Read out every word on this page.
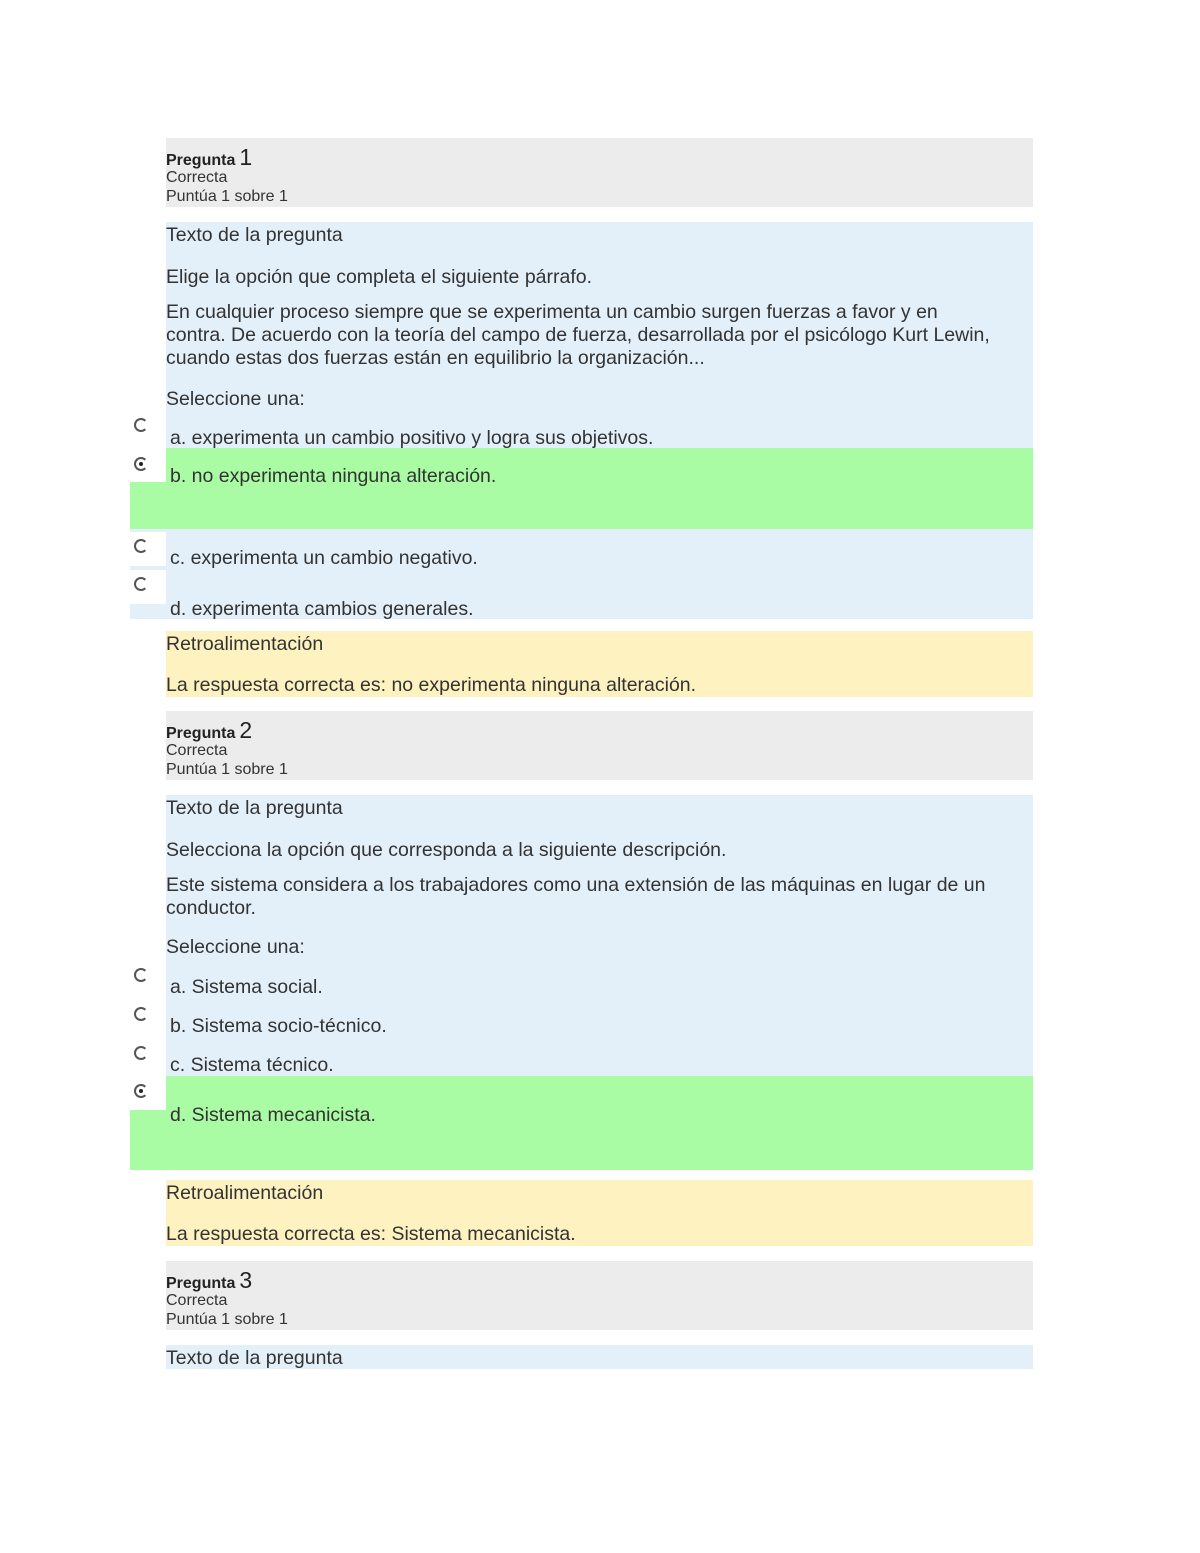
Pregunta 1
Correcta
Puntúa 1 sobre 1
Texto de la pregunta
Elige la opción que completa el siguiente párrafo.
En cualquier proceso siempre que se experimenta un cambio surgen fuerzas a favor y en contra. De acuerdo con la teoría del campo de fuerza, desarrollada por el psicólogo Kurt Lewin, cuando estas dos fuerzas están en equilibrio la organización...
Seleccione una:
a. experimenta un cambio positivo y logra sus objetivos.
b. no experimenta ninguna alteración.
c. experimenta un cambio negativo.
d. experimenta cambios generales.
Retroalimentación
La respuesta correcta es: no experimenta ninguna alteración.
Pregunta 2
Correcta
Puntúa 1 sobre 1
Texto de la pregunta
Selecciona la opción que corresponda a la siguiente descripción.
Este sistema considera a los trabajadores como una extensión de las máquinas en lugar de un conductor.
Seleccione una:
a. Sistema social.
b. Sistema socio-técnico.
c. Sistema técnico.
d. Sistema mecanicista.
Retroalimentación
La respuesta correcta es: Sistema mecanicista.
Pregunta 3
Correcta
Puntúa 1 sobre 1
Texto de la pregunta
